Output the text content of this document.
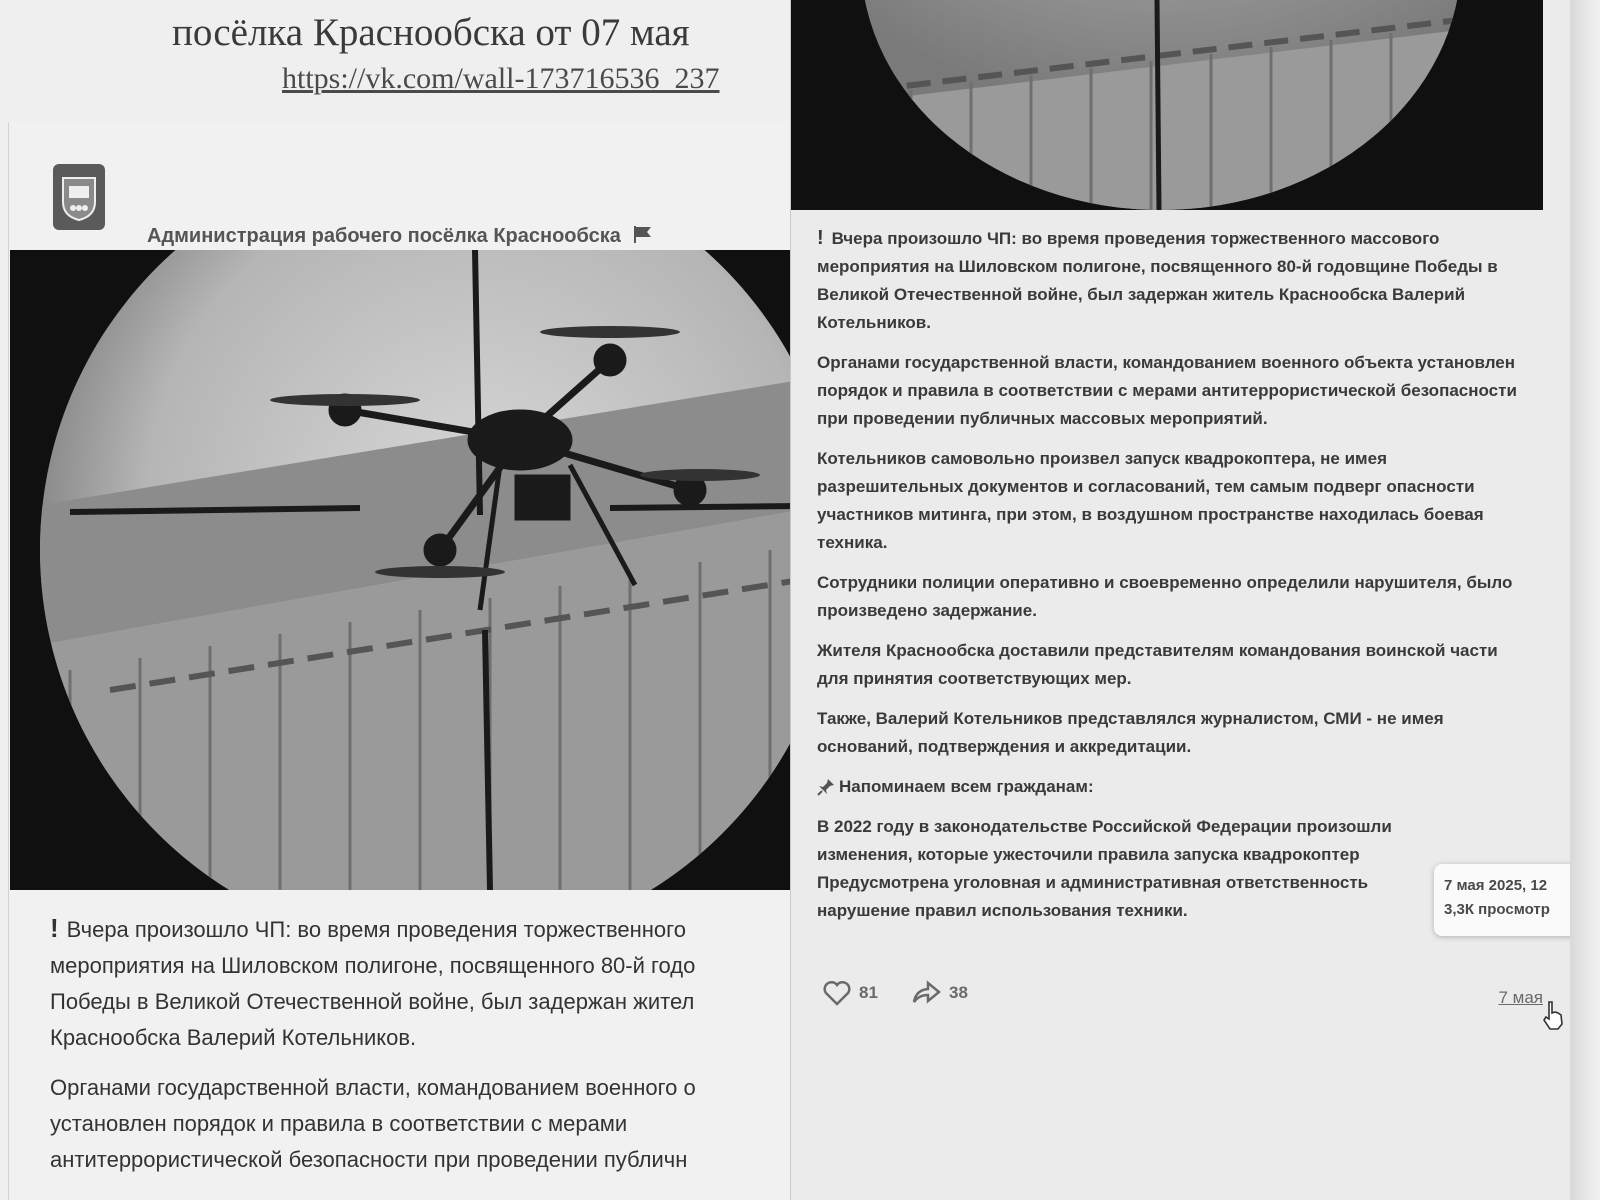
посёлка Краснообска от 07 мая
https://vk.com/wall-173716536_237
Администрация рабочего посёлка Краснообска

! Вчера произошло ЧП: во время проведения торжественного
мероприятия на Шиловском полигоне, посвященного 80-й годо
Победы в Великой Отечественной войне, был задержан жител
Краснообска Валерий Котельников.

Органами государственной власти, командованием военного о
установлен порядок и правила в соответствии с мерами
антитеррористической безопасности при проведении публичн

! Вчера произошло ЧП: во время проведения торжественного массового мероприятия на Шиловском полигоне, посвященного 80-й годовщине Победы в Великой Отечественной войне, был задержан житель Краснообска Валерий Котельников.

Органами государственной власти, командованием военного объекта установлен порядок и правила в соответствии с мерами антитеррористической безопасности при проведении публичных массовых мероприятий.

Котельников самовольно произвел запуск квадрокоптера, не имея разрешительных документов и согласований, тем самым подверг опасности участников митинга, при этом, в воздушном пространстве находилась боевая техника.

Сотрудники полиции оперативно и своевременно определили нарушителя, было произведено задержание.

Жителя Краснообска доставили представителям командования воинской части для принятия соответствующих мер.

Также, Валерий Котельников представлялся журналистом, СМИ - не имея оснований, подтверждения и аккредитации.

Напоминаем всем гражданам:

В 2022 году в законодательстве Российской Федерации произошли изменения, которые ужесточили правила запуска квадрокоптер Предусмотрена уголовная и административная ответственность нарушение правил использования техники.

81	38	7 мая
7 мая 2025, 12
3,3К просмотр
